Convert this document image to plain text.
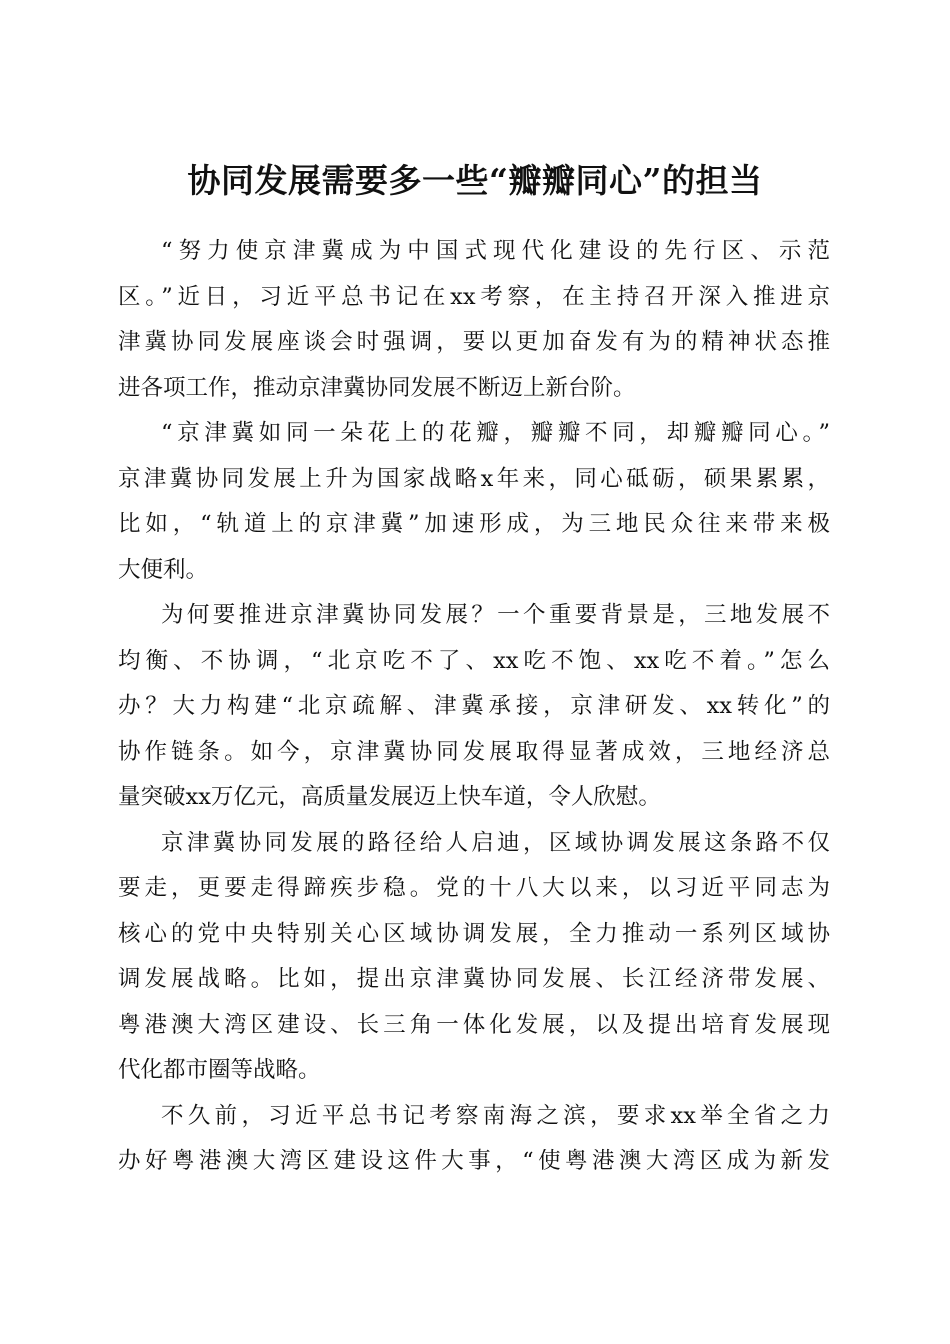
协同发展需要多一些“瓣瓣同心”的担当

“努力使京津冀成为中国式现代化建设的先行区、示范
区。”近日，习近平总书记在xx考察，在主持召开深入推进京
津冀协同发展座谈会时强调，要以更加奋发有为的精神状态推
进各项工作，推动京津冀协同发展不断迈上新台阶。

“京津冀如同一朵花上的花瓣，瓣瓣不同，却瓣瓣同心。”
京津冀协同发展上升为国家战略x年来，同心砥砺，硕果累累，
比如，“轨道上的京津冀”加速形成，为三地民众往来带来极
大便利。

为何要推进京津冀协同发展？一个重要背景是，三地发展不
均衡、不协调，“北京吃不了、xx吃不饱、xx吃不着。”怎么
办？大力构建“北京疏解、津冀承接，京津研发、xx转化”的
协作链条。如今，京津冀协同发展取得显著成效，三地经济总
量突破xx万亿元，高质量发展迈上快车道，令人欣慰。

京津冀协同发展的路径给人启迪，区域协调发展这条路不仅
要走，更要走得蹄疾步稳。党的十八大以来，以习近平同志为
核心的党中央特别关心区域协调发展，全力推动一系列区域协
调发展战略。比如，提出京津冀协同发展、长江经济带发展、
粤港澳大湾区建设、长三角一体化发展，以及提出培育发展现
代化都市圈等战略。

不久前，习近平总书记考察南海之滨，要求xx举全省之力
办好粤港澳大湾区建设这件大事，“使粤港澳大湾区成为新发
